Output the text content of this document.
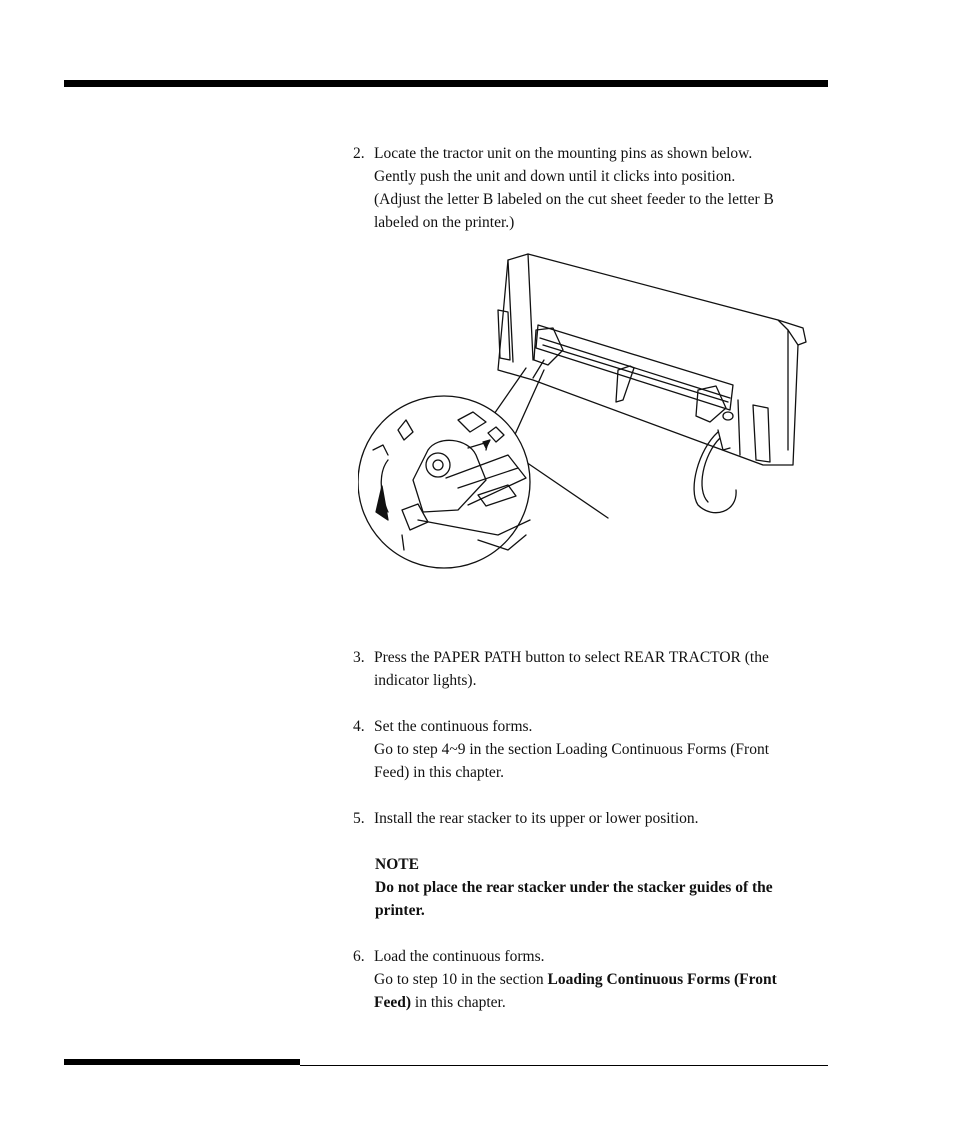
2. Locate the tractor unit on the mounting pins as shown below.
Gently push the unit and down until it clicks into position.
(Adjust the letter B labeled on the cut sheet feeder to the letter B
labeled on the printer.)
3. Press the PAPER PATH button to select REAR TRACTOR (the
indicator lights).
4. Set the continuous forms.
Go to step 4~9 in the section Loading Continuous Forms (Front
Feed) in this chapter.
5. Install the rear stacker to its upper or lower position.
NOTE
Do not place the rear stacker under the stacker guides of the
printer.
6. Load the continuous forms.
Go to step 10 in the section Loading Continuous Forms (Front
Feed) in this chapter.
